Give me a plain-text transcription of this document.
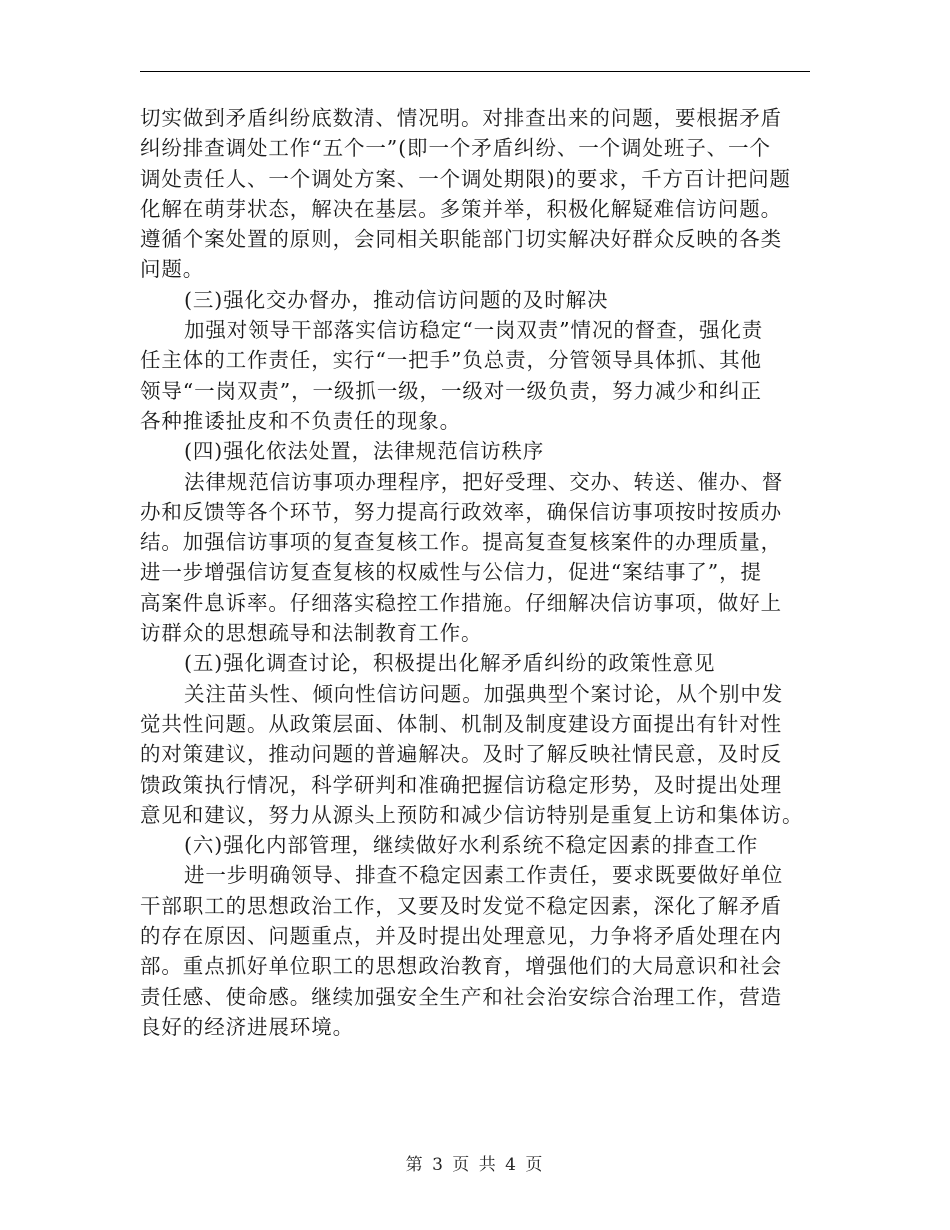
切实做到矛盾纠纷底数清、情况明。对排查出来的问题，要根据矛盾
纠纷排查调处工作“五个一”(即一个矛盾纠纷、一个调处班子、一个
调处责任人、一个调处方案、一个调处期限)的要求，千方百计把问题
化解在萌芽状态，解决在基层。多策并举，积极化解疑难信访问题。
遵循个案处置的原则，会同相关职能部门切实解决好群众反映的各类
问题。
(三)强化交办督办，推动信访问题的及时解决
加强对领导干部落实信访稳定“一岗双责”情况的督查，强化责
任主体的工作责任，实行“一把手”负总责，分管领导具体抓、其他
领导“一岗双责”，一级抓一级，一级对一级负责，努力减少和纠正
各种推诿扯皮和不负责任的现象。
(四)强化依法处置，法律规范信访秩序
法律规范信访事项办理程序，把好受理、交办、转送、催办、督
办和反馈等各个环节，努力提高行政效率，确保信访事项按时按质办
结。加强信访事项的复查复核工作。提高复查复核案件的办理质量，
进一步增强信访复查复核的权威性与公信力，促进“案结事了”，提
高案件息诉率。仔细落实稳控工作措施。仔细解决信访事项，做好上
访群众的思想疏导和法制教育工作。
(五)强化调查讨论，积极提出化解矛盾纠纷的政策性意见
关注苗头性、倾向性信访问题。加强典型个案讨论，从个别中发
觉共性问题。从政策层面、体制、机制及制度建设方面提出有针对性
的对策建议，推动问题的普遍解决。及时了解反映社情民意，及时反
馈政策执行情况，科学研判和准确把握信访稳定形势，及时提出处理
意见和建议，努力从源头上预防和减少信访特别是重复上访和集体访。
(六)强化内部管理，继续做好水利系统不稳定因素的排查工作
进一步明确领导、排查不稳定因素工作责任，要求既要做好单位
干部职工的思想政治工作，又要及时发觉不稳定因素，深化了解矛盾
的存在原因、问题重点，并及时提出处理意见，力争将矛盾处理在内
部。重点抓好单位职工的思想政治教育，增强他们的大局意识和社会
责任感、使命感。继续加强安全生产和社会治安综合治理工作，营造
良好的经济进展环境。
第 3 页 共 4 页
